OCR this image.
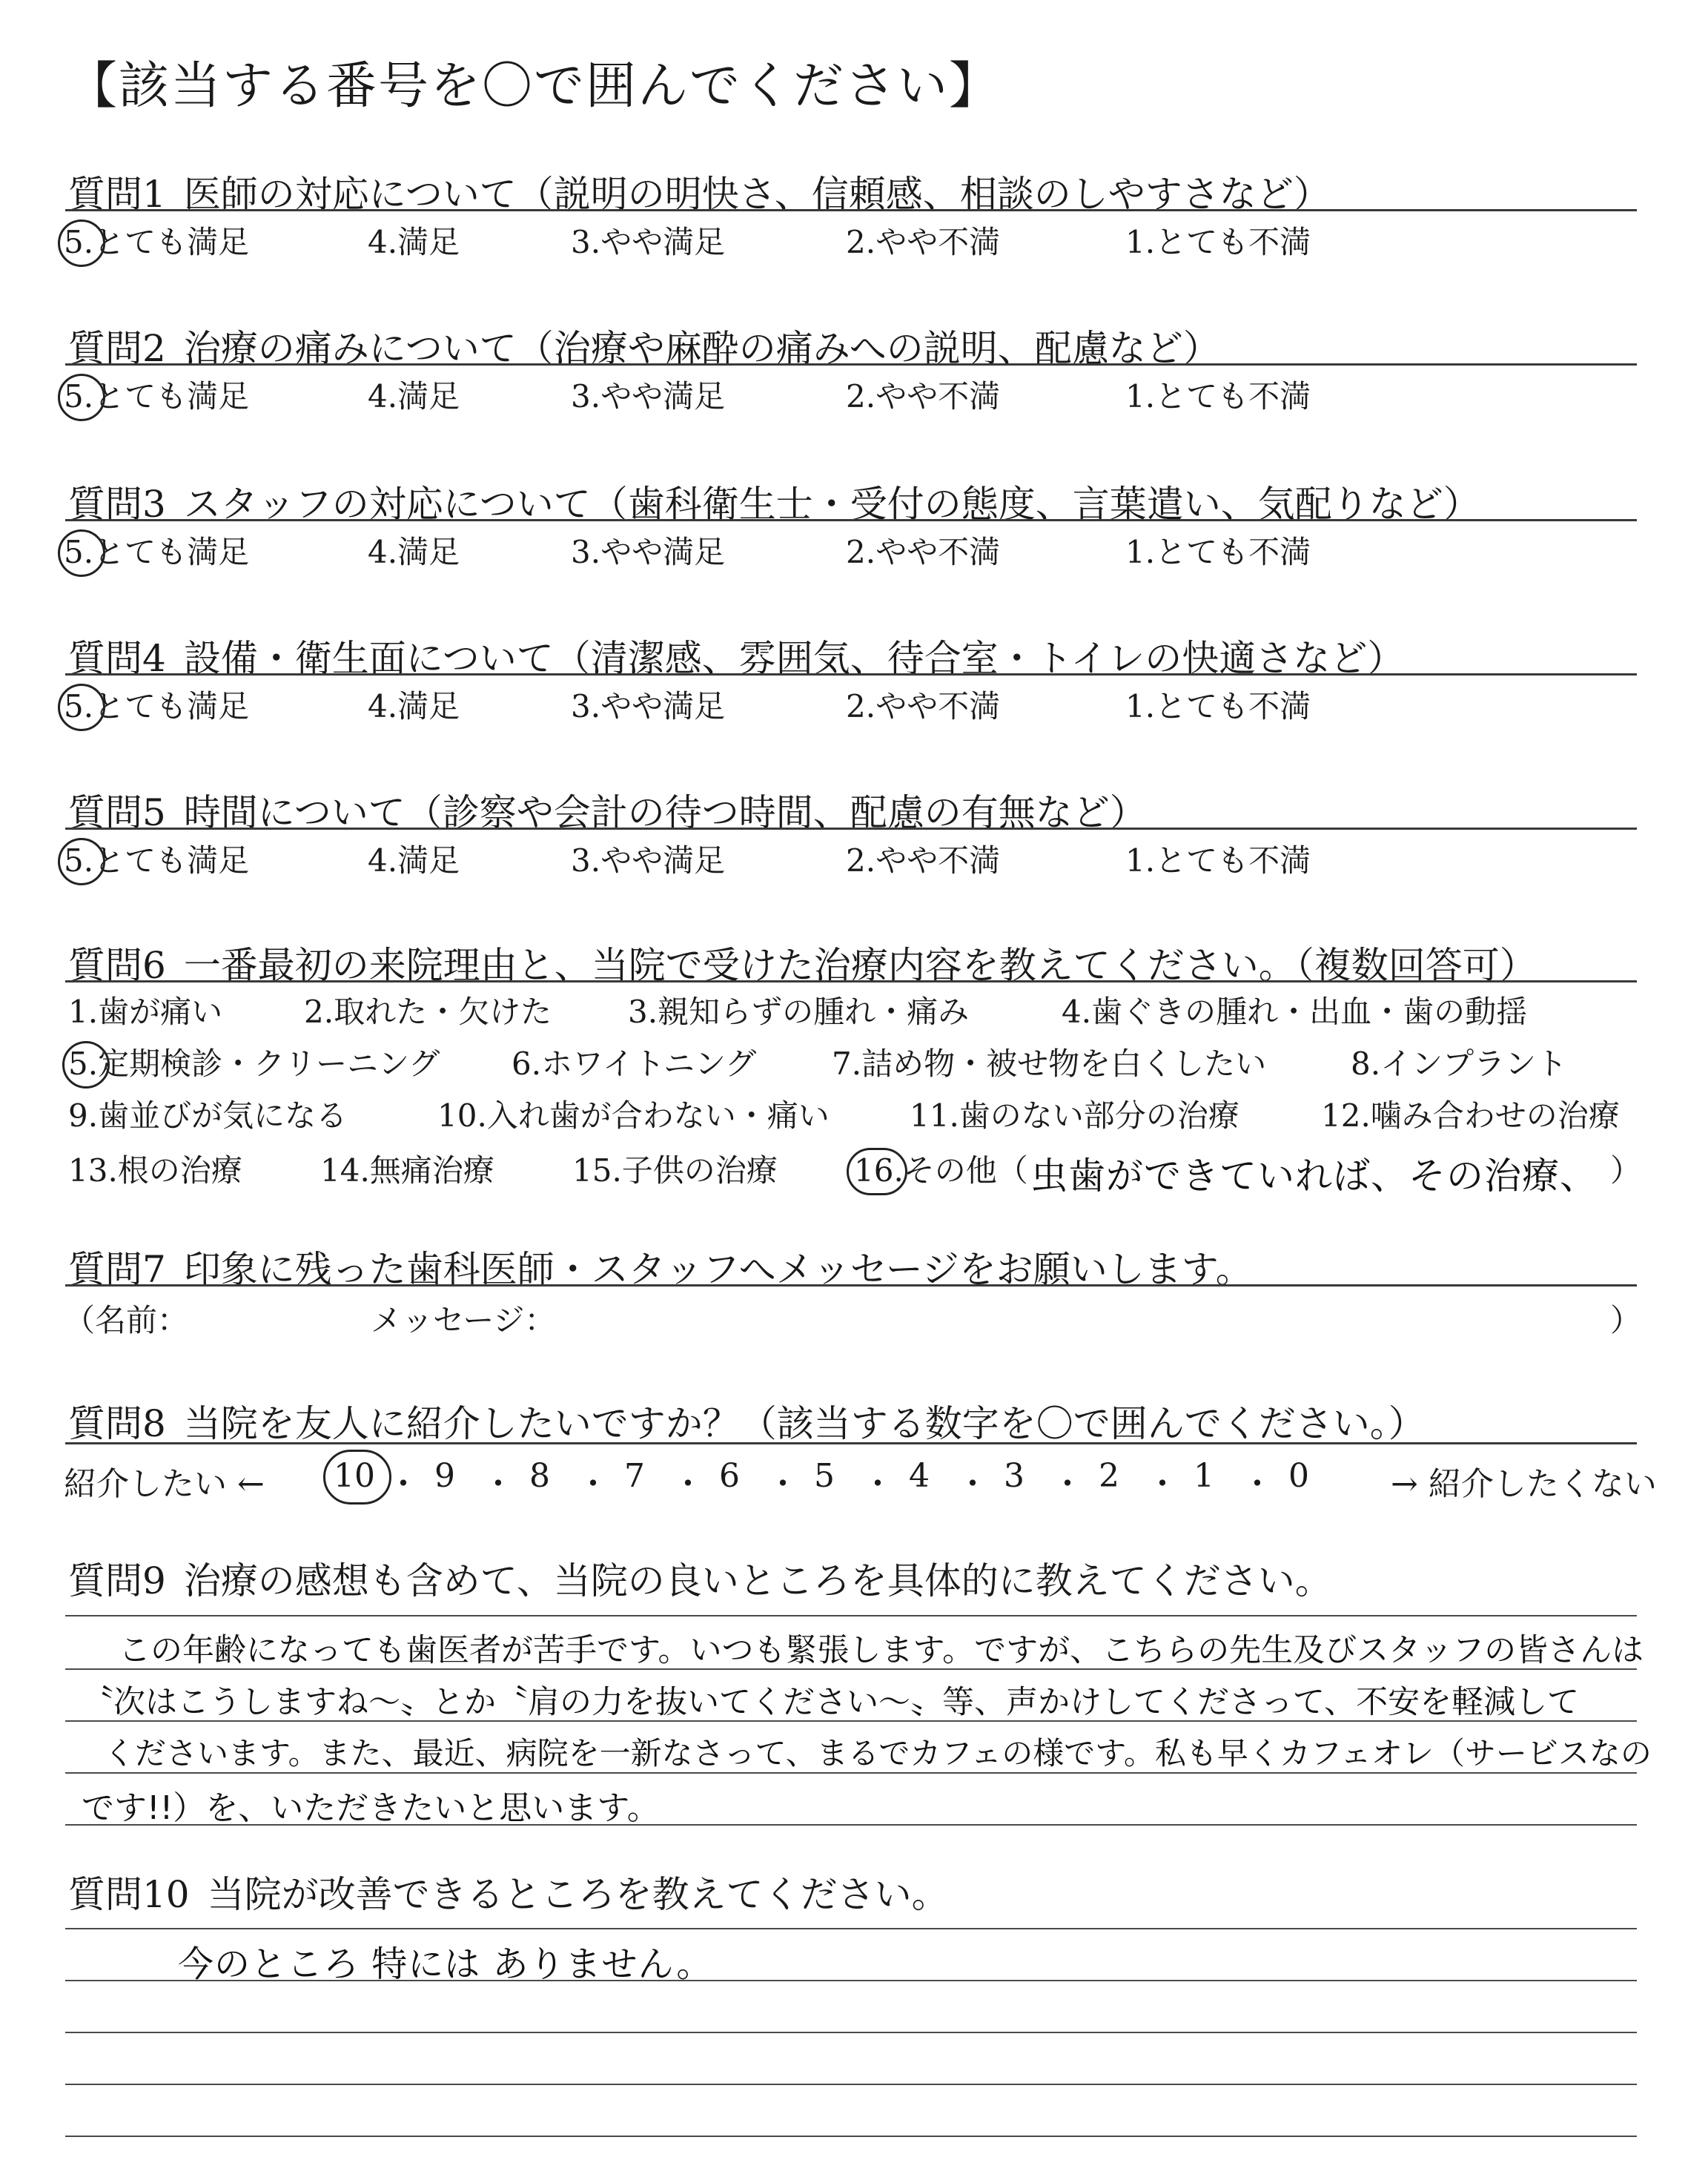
【該当する番号を〇で囲んでください】
質問1 医師の対応について（説明の明快さ、信頼感、相談のしやすさなど）
5.とても満足	4.満足	3.やや満足	2.やや不満	1.とても不満
質問2 治療の痛みについて（治療や麻酔の痛みへの説明、配慮など）
5.とても満足	4.満足	3.やや満足	2.やや不満	1.とても不満
質問3 スタッフの対応について（歯科衛生士・受付の態度、言葉遣い、気配りなど）
5.とても満足	4.満足	3.やや満足	2.やや不満	1.とても不満
質問4 設備・衛生面について（清潔感、雰囲気、待合室・トイレの快適さなど）
5.とても満足	4.満足	3.やや満足	2.やや不満	1.とても不満
質問5 時間について（診察や会計の待つ時間、配慮の有無など）
5.とても満足	4.満足	3.やや満足	2.やや不満	1.とても不満
質問6 一番最初の来院理由と、当院で受けた治療内容を教えてください。（複数回答可）
1.歯が痛い	2.取れた・欠けた 3.親知らずの腫れ・痛み	4.歯ぐきの腫れ・出血・歯の動揺
5.定期検診・クリーニング 6.ホワイトニング 7.詰め物・被せ物を白くしたい	8.インプラント
9.歯並びが気になる	10.入れ歯が合わない・痛い	11.歯のない部分の治療	12.噛み合わせの治療
13.根の治療	14.無痛治療	15.子供の治療 16.その他（ 虫歯ができていれば、その治療、 ）
質問7 印象に残った歯科医師・スタッフへメッセージをお願いします。
（名前：	メッセージ：	）
質問8 当院を友人に紹介したいですか？（該当する数字を〇で囲んでください。）
紹介したい ←	→ 紹介したくない
10 ・ 9 ・ 8 ・ 7 ・ 6 ・ 5 ・ 4 ・ 3 ・ 2 ・ 1 ・ 0
質問9 治療の感想も含めて、当院の良いところを具体的に教えてください。
この年齢になっても歯医者が苦手です。いつも緊張します。ですが、こちらの先生及びスタッフの皆さんは
〝次はこうしますね～〟とか〝肩の力を抜いてください～〟等、声かけしてくださって、不安を軽減して
くださいます。また、最近、病院を一新なさって、まるでカフェの様です。私も早くカフェオレ（サービスなの
です!!）を、いただきたいと思います。
質問10 当院が改善できるところを教えてください。
今のところ 特には ありません。
